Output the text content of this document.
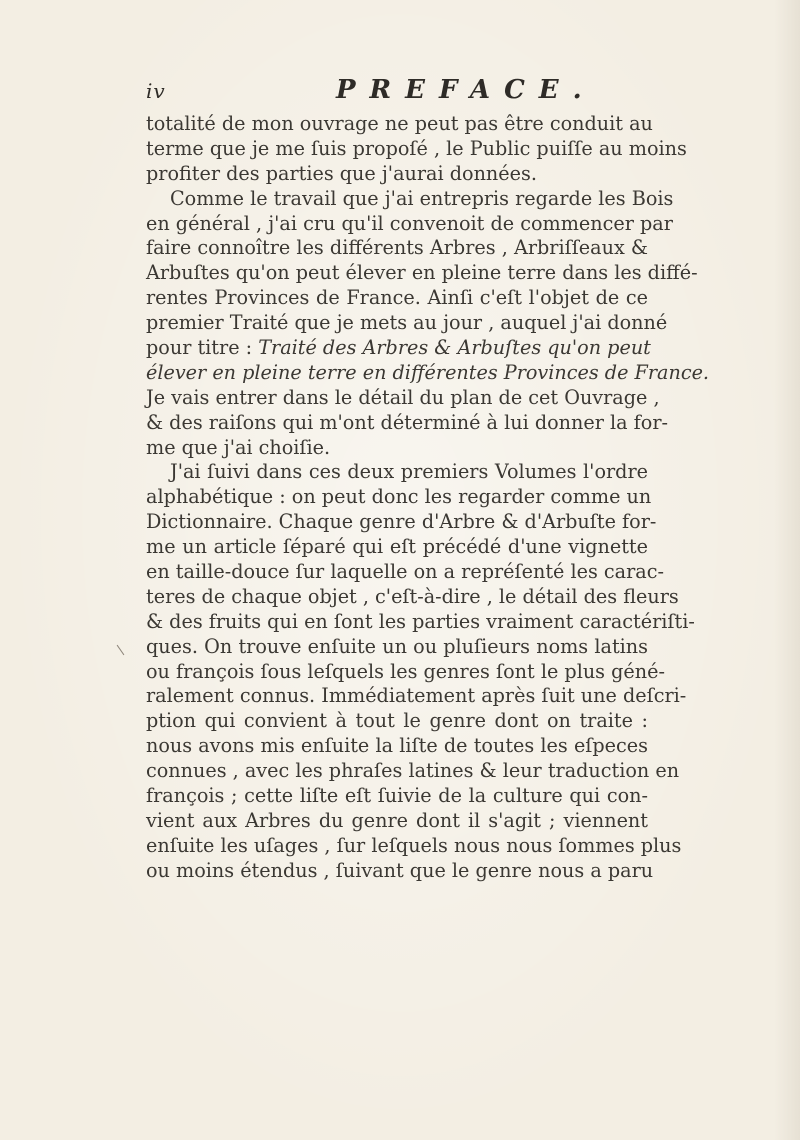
iv	PREFACE.
totalité de mon ouvrage ne peut pas être conduit au
terme que je me ſuis propoſé , le Public puiſſe au moins
profiter des parties que j'aurai données.
Comme le travail que j'ai entrepris regarde les Bois
en général , j'ai cru qu'il convenoit de commencer par
faire connoître les différents Arbres , Arbriſſeaux &
Arbuſtes qu'on peut élever en pleine terre dans les diffé-
rentes Provinces de France. Ainſi c'eſt l'objet de ce
premier Traité que je mets au jour , auquel j'ai donné
pour titre : Traité des Arbres & Arbuſtes qu'on peut
élever en pleine terre en différentes Provinces de France.
Je vais entrer dans le détail du plan de cet Ouvrage ,
& des raiſons qui m'ont déterminé à lui donner la for-
me que j'ai choiſie.
J'ai ſuivi dans ces deux premiers Volumes l'ordre
alphabétique : on peut donc les regarder comme un
Dictionnaire. Chaque genre d'Arbre & d'Arbuſte for-
me un article ſéparé qui eſt précédé d'une vignette
en taille-douce ſur laquelle on a repréſenté les carac-
teres de chaque objet , c'eſt-à-dire , le détail des fleurs
& des fruits qui en ſont les parties vraiment caractériſti-
ques. On trouve enſuite un ou pluſieurs noms latins
ou françois ſous leſquels les genres ſont le plus géné-
ralement connus. Immédiatement après ſuit une deſcri-
ption qui convient à tout le genre dont on traite :
nous avons mis enſuite la liſte de toutes les eſpeces
connues , avec les phraſes latines & leur traduction en
françois ; cette liſte eſt ſuivie de la culture qui con-
vient aux Arbres du genre dont il s'agit ; viennent
enſuite les uſages , ſur leſquels nous nous ſommes plus
ou moins étendus , ſuivant que le genre nous a paru
